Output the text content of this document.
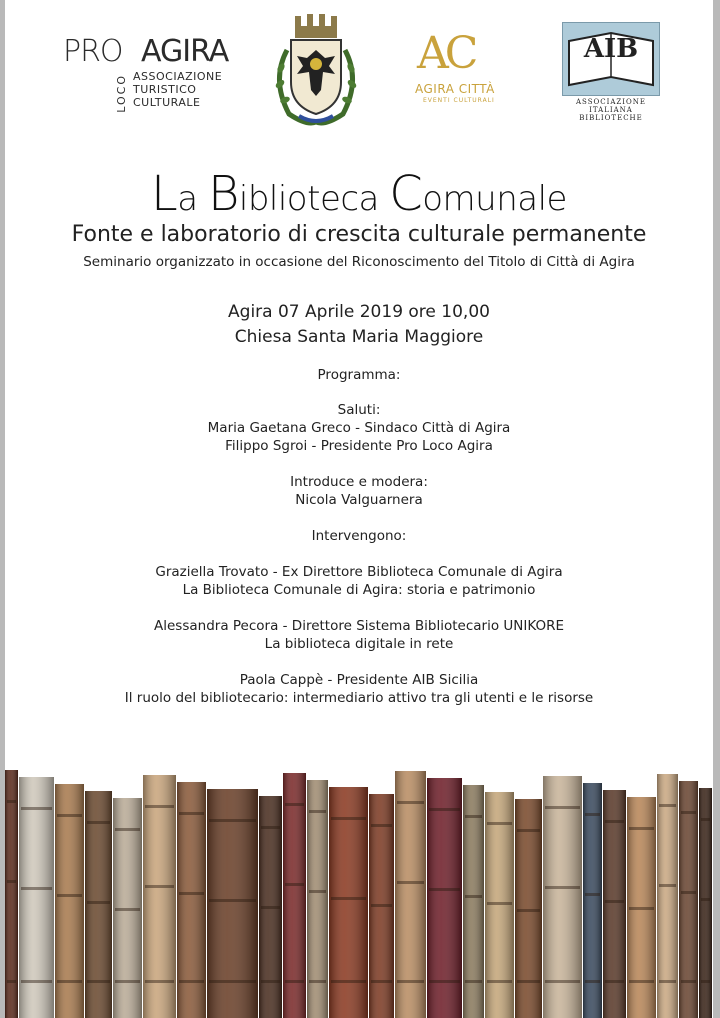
PRO AGIRA
LOCO ASSOCIAZIONE
TURISTICO
CULTURALE
AC
AGIRA CITTÀ
EVENTI CULTURALI
AIB
ASSOCIAZIONE
ITALIANA
BIBLIOTECHE
La Biblioteca Comunale
Fonte e laboratorio di crescita culturale permanente
Seminario organizzato in occasione del Riconoscimento del Titolo di Città di Agira
Agira 07 Aprile 2019 ore 10,00
Chiesa Santa Maria Maggiore
Programma:
Saluti:
Maria Gaetana Greco - Sindaco Città di Agira
Filippo Sgroi - Presidente Pro Loco Agira
Introduce e modera:
Nicola Valguarnera
Intervengono:
Graziella Trovato - Ex Direttore Biblioteca Comunale di Agira
La Biblioteca Comunale di Agira: storia e patrimonio
Alessandra Pecora - Direttore Sistema Bibliotecario UNIKORE
La biblioteca digitale in rete
Paola Cappè - Presidente AIB Sicilia
Il ruolo del bibliotecario: intermediario attivo tra gli utenti e le risorse
